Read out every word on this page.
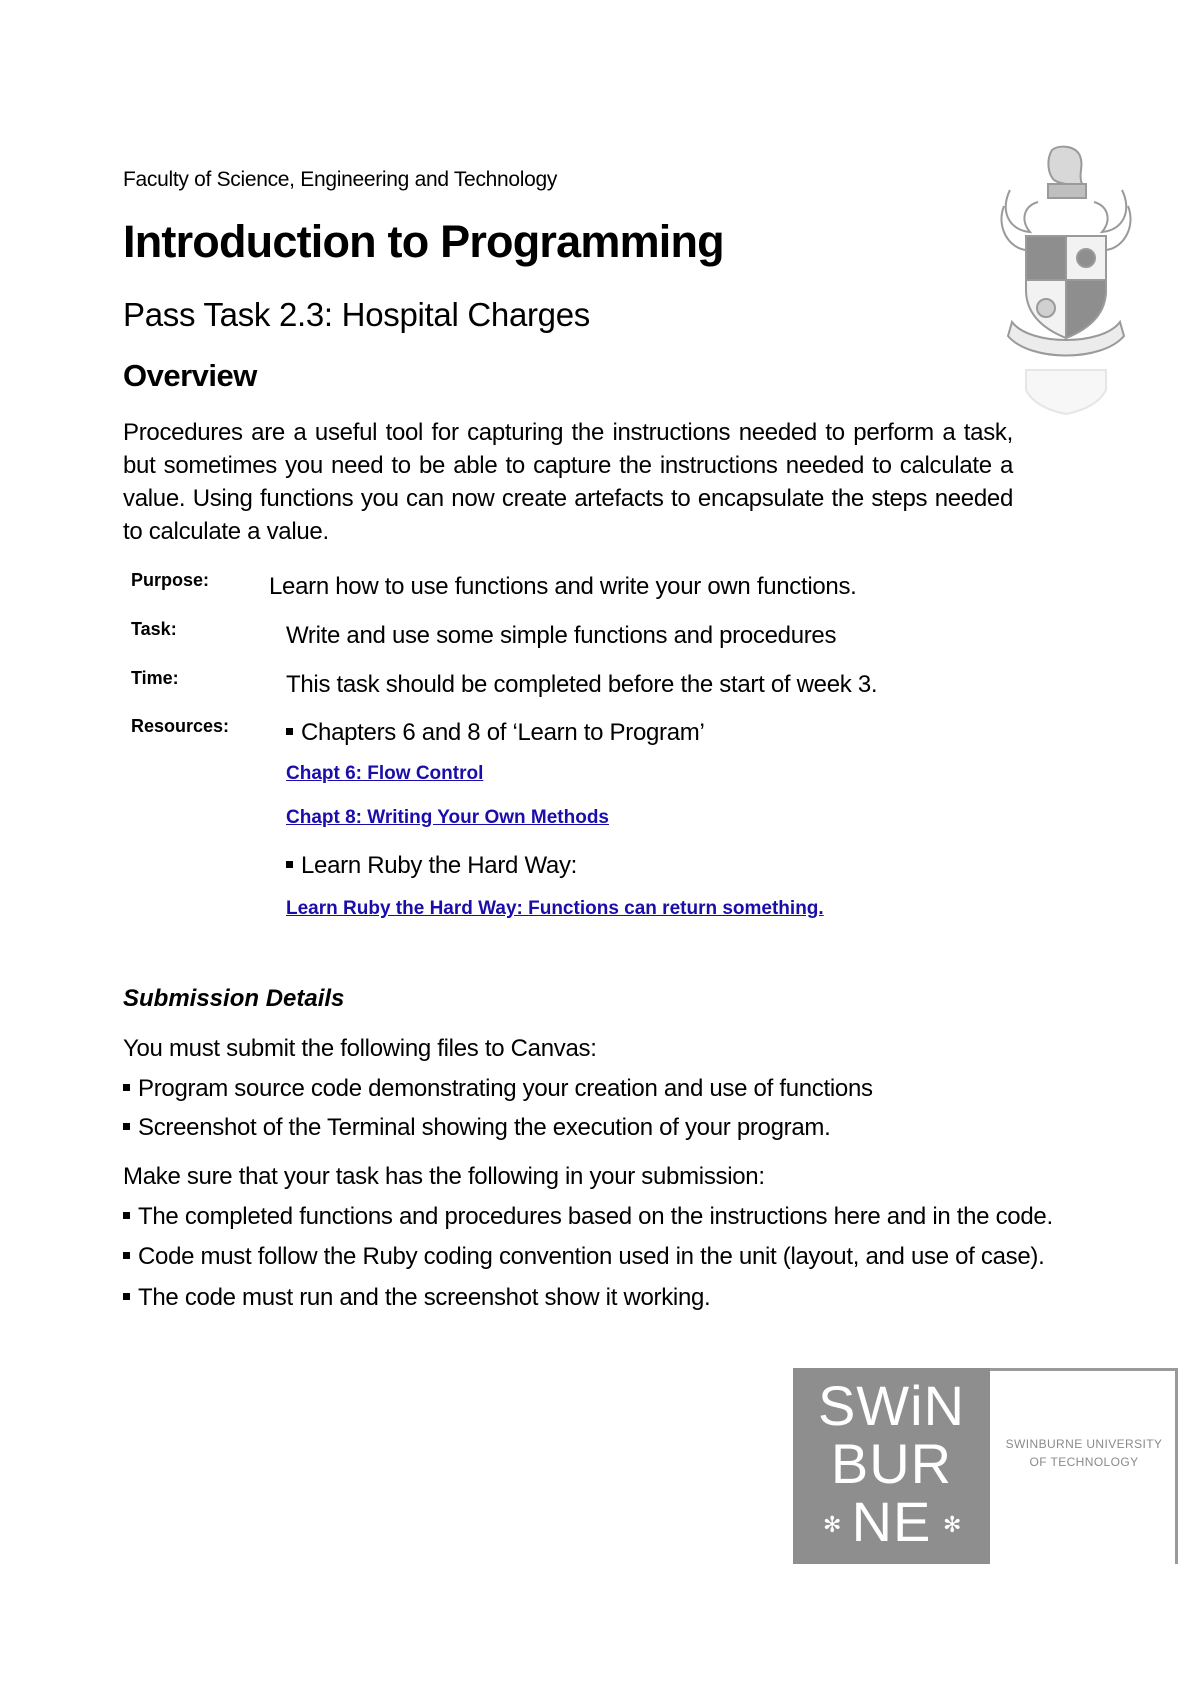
Faculty of Science, Engineering and Technology
Introduction to Programming
Pass Task 2.3: Hospital Charges
Overview
Procedures are a useful tool for capturing the instructions needed to perform a task, but sometimes you need to be able to capture the instructions needed to calculate a value. Using functions you can now create artefacts to encapsulate the steps needed to calculate a value.
Purpose: Learn how to use functions and write your own functions.
Task:	Write and use some simple functions and procedures
Time:	This task should be completed before the start of week 3.
Resources:	Chapters 6 and 8 of ‘Learn to Program’
Chapt 6: Flow Control
Chapt 8: Writing Your Own Methods
Learn Ruby the Hard Way:
Learn Ruby the Hard Way: Functions can return something.
Submission Details
You must submit the following files to Canvas:
Program source code demonstrating your creation and use of functions
Screenshot of the Terminal showing the execution of your program.
Make sure that your task has the following in your submission:
The completed functions and procedures based on the instructions here and in the code.
Code must follow the Ruby coding convention used in the unit (layout, and use of case).
The code must run and the screenshot show it working.
SWiN
BUR
NE
✻	✻
SWINBURNE UNIVERSITY
OF TECHNOLOGY
